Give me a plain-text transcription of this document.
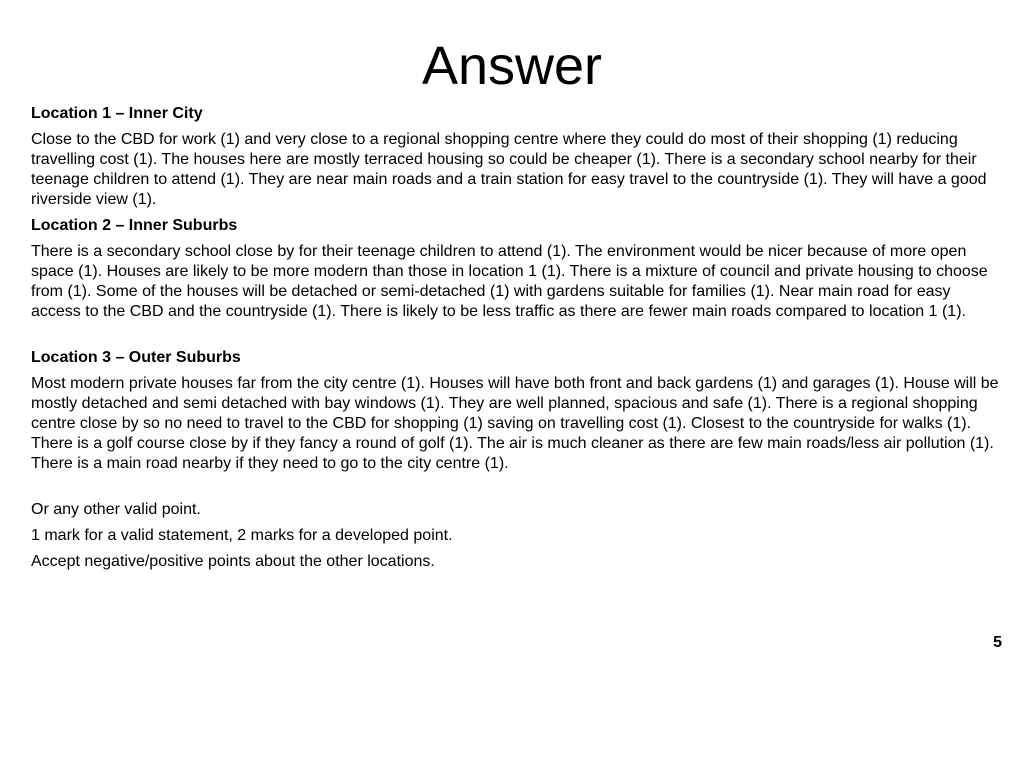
Answer
Location 1 – Inner City
Close to the CBD for work (1) and very close to a regional shopping centre where they could do most of their shopping (1) reducing travelling cost (1). The houses here are mostly terraced housing so could be cheaper (1). There is a secondary school nearby for their teenage children to attend (1). They are near main roads and a train station for easy travel to the countryside (1). They will have a good riverside view (1).
Location 2 – Inner Suburbs
There is a secondary school close by for their teenage children to attend (1). The environment would be nicer because of more open space (1). Houses are likely to be more modern than those in location 1 (1). There is a mixture of council and private housing to choose from (1). Some of the houses will be detached or semi-detached (1) with gardens suitable for families (1). Near main road for easy access to the CBD and the countryside (1). There is likely to be less traffic as there are fewer main roads compared to location 1 (1).
Location 3 – Outer Suburbs
Most modern private houses far from the city centre (1). Houses will have both front and back gardens (1) and garages (1). House will be mostly detached and semi detached with bay windows (1). They are well planned, spacious and safe (1). There is a regional shopping centre close by so no need to travel to the CBD for shopping (1) saving on travelling cost (1). Closest to the countryside for walks (1). There is a golf course close by if they fancy a round of golf (1). The air is much cleaner as there are few main roads/less air pollution (1). There is a main road nearby if they need to go to the city centre (1).
Or any other valid point.
1 mark for a valid statement, 2 marks for a developed point.
Accept negative/positive points about the other locations.
5
